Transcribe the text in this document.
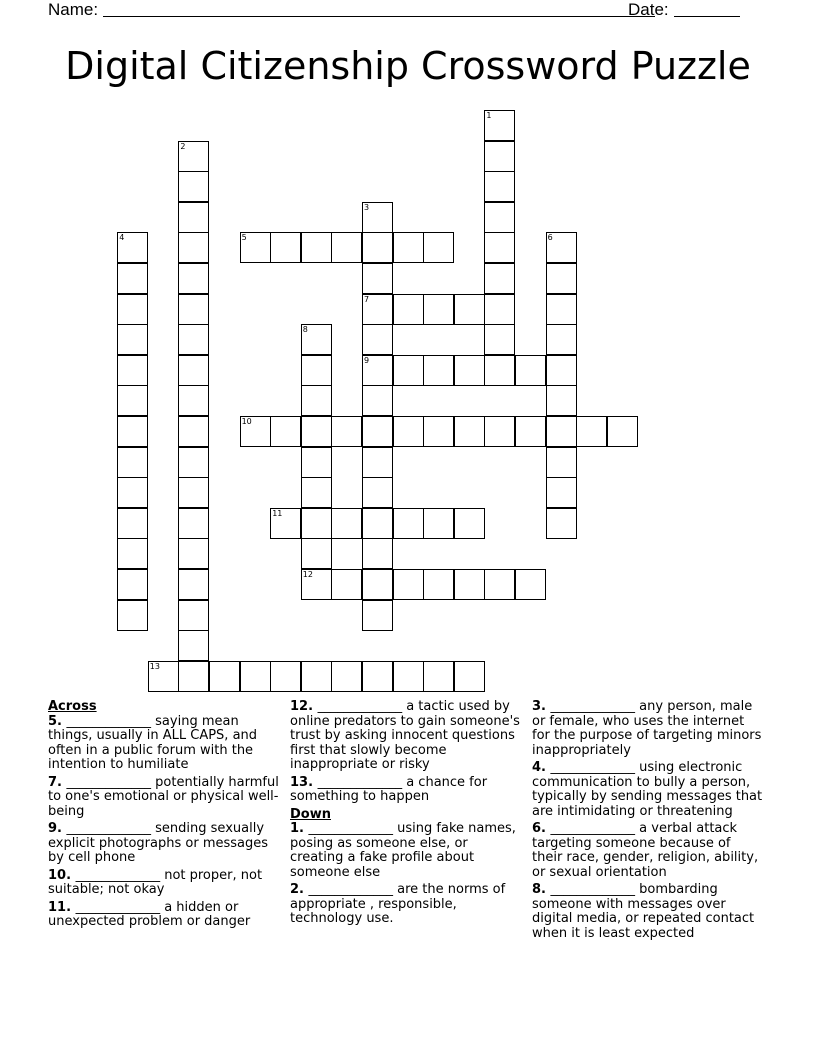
Name:	Date:
Digital Citizenship Crossword Puzzle
1
2
3
7
9
4	5	6
8
12
10
11
13
Across
5. _____________ saying mean things, usually in ALL CAPS, and often in a public forum with the intention to humiliate
7. _____________ potentially harmful to one's emotional or physical well-being
9. _____________ sending sexually explicit photographs or messages by cell phone
10. _____________ not proper, not suitable; not okay
11. _____________ a hidden or unexpected problem or danger
12. _____________ a tactic used by online predators to gain someone's trust by asking innocent questions first that slowly become inappropriate or risky
13. _____________ a chance for something to happen
Down
1. _____________ using fake names, posing as someone else, or creating a fake profile about someone else
2. _____________ are the norms of appropriate , responsible, technology use.
3. _____________ any person, male or female, who uses the internet for the purpose of targeting minors inappropriately
4. _____________ using electronic communication to bully a person, typically by sending messages that are intimidating or threatening
6. _____________ a verbal attack targeting someone because of their race, gender, religion, ability, or sexual orientation
8. _____________ bombarding someone with messages over digital media, or repeated contact when it is least expected
